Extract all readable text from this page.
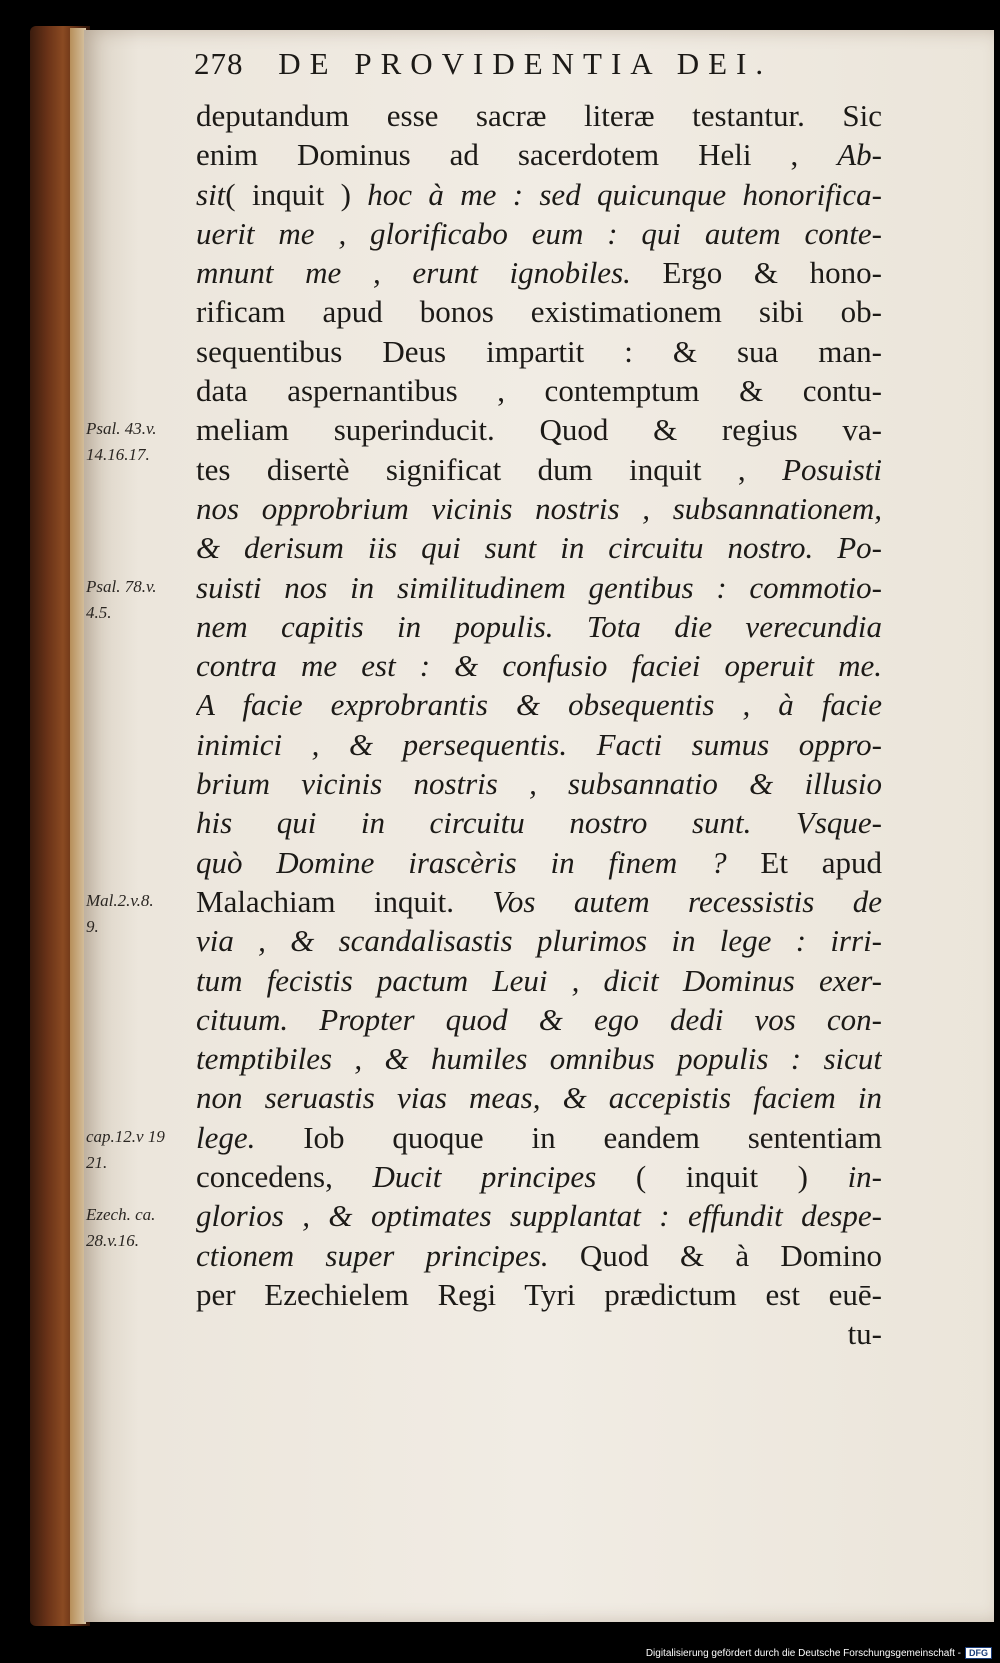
278 DE PROVIDENTIA DEI.
deputandum esse sacræ literæ testantur. Sic
enim Dominus ad sacerdotem Heli , Ab-
sit( inquit ) hoc à me : sed quicunque honorifica-
uerit me , glorificabo eum : qui autem conte-
mnunt me , erunt ignobiles. Ergo & hono-
rificam apud bonos existimationem sibi ob-
sequentibus Deus impartit : & sua man-
data aspernantibus , contemptum & contu-
meliam superinducit. Quod & regius va-
tes disertè significat dum inquit , Posuisti
nos opprobrium vicinis nostris , subsannationem,
& derisum iis qui sunt in circuitu nostro. Po-
suisti nos in similitudinem gentibus : commotio-
nem capitis in populis. Tota die verecundia
contra me est : & confusio faciei operuit me.
A facie exprobrantis & obsequentis , à facie
inimici , & persequentis. Facti sumus oppro-
brium vicinis nostris , subsannatio & illusio
his qui in circuitu nostro sunt. Vsque-
quò Domine irascèris in finem ? Et apud
Malachiam inquit. Vos autem recessistis de
via , & scandalisastis plurimos in lege : irri-
tum fecistis pactum Leui , dicit Dominus exer-
cituum. Propter quod & ego dedi vos con-
temptibiles , & humiles omnibus populis : sicut
non seruastis vias meas, & accepistis faciem in
lege. Iob quoque in eandem sententiam
concedens, Ducit principes ( inquit ) in-
glorios , & optimates supplantat : effundit despe-
ctionem super principes. Quod & à Domino
per Ezechielem Regi Tyri prædictum est euē-
tu-
Psal. 43.v.
14.16.17.
Psal. 78.v.
4.5.
Mal.2.v.8.
9.
cap.12.v 19
21.
Ezech. ca.
28.v.16.
Digitalisierung gefördert durch die Deutsche Forschungsgemeinschaft - DFG
